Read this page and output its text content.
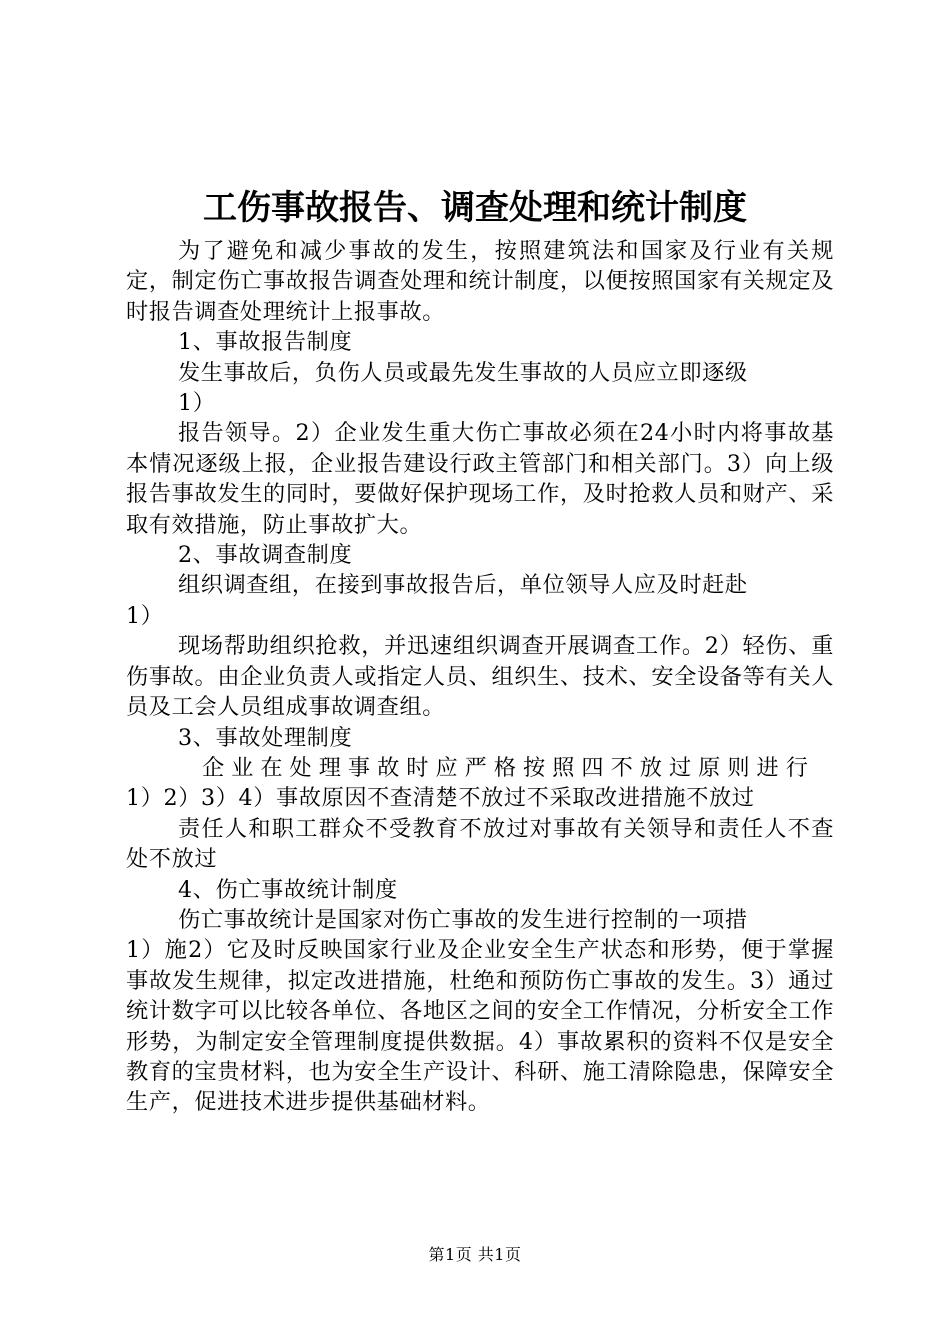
工伤事故报告、调查处理和统计制度

为了避免和减少事故的发生，按照建筑法和国家及行业有关规定，制定伤亡事故报告调查处理和统计制度，以便按照国家有关规定及时报告调查处理统计上报事故。

1、事故报告制度

发生事故后，负伤人员或最先发生事故的人员应立即逐级

1）

报告领导。2）企业发生重大伤亡事故必须在24小时内将事故基本情况逐级上报，企业报告建设行政主管部门和相关部门。3）向上级报告事故发生的同时，要做好保护现场工作，及时抢救人员和财产、采取有效措施，防止事故扩大。

2、事故调查制度

组织调查组，在接到事故报告后，单位领导人应及时赶赴

1）

现场帮助组织抢救，并迅速组织调查开展调查工作。2）轻伤、重伤事故。由企业负责人或指定人员、组织生、技术、安全设备等有关人员及工会人员组成事故调查组。

3、事故处理制度

企业在处理事故时应严格按照四不放过原则进行

1）2）3）4）事故原因不查清楚不放过不采取改进措施不放过

责任人和职工群众不受教育不放过对事故有关领导和责任人不查处不放过

4、伤亡事故统计制度

伤亡事故统计是国家对伤亡事故的发生进行控制的一项措

1）施2）它及时反映国家行业及企业安全生产状态和形势，便于掌握事故发生规律，拟定改进措施，杜绝和预防伤亡事故的发生。3）通过统计数字可以比较各单位、各地区之间的安全工作情况，分析安全工作形势，为制定安全管理制度提供数据。4）事故累积的资料不仅是安全教育的宝贵材料，也为安全生产设计、科研、施工清除隐患，保障安全生产，促进技术进步提供基础材料。

第1页 共1页
